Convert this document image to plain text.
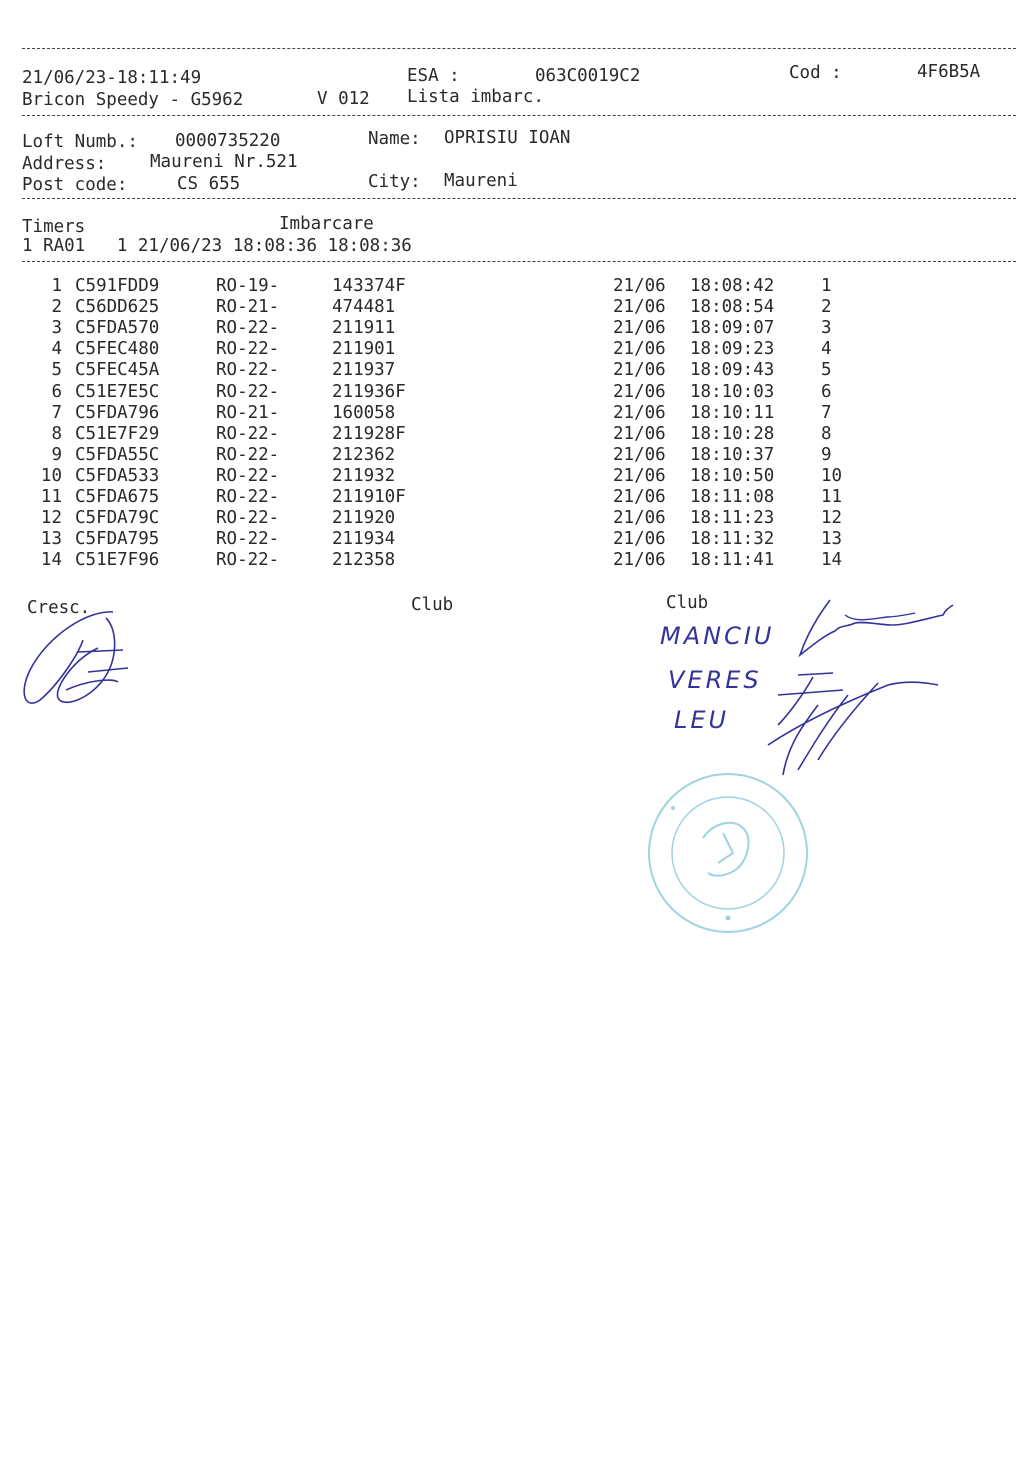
21/06/23-18:11:49	ESA :	063C0019C2	Cod :	4F6B5A
Bricon Speedy - G5962	V 012 Lista imbarc.
Loft Numb.: 0000735220	Name: OPRISIU IOAN
Address: Maureni Nr.521
Post code:	CS 655	City: Maureni
Timers	Imbarcare
1 RA01   1 21/06/23 18:08:36 18:08:36
1 C591FDD9	RO-19-	143374F	21/06 18:08:42	1
2 C56DD625	RO-21-	474481	21/06 18:08:54	2
3 C5FDA570	RO-22-	211911	21/06 18:09:07	3
4 C5FEC480	RO-22-	211901	21/06 18:09:23	4
5 C5FEC45A	RO-22-	211937	21/06 18:09:43	5
6 C51E7E5C	RO-22-	211936F	21/06 18:10:03	6
7 C5FDA796	RO-21-	160058	21/06 18:10:11	7
8 C51E7F29	RO-22-	211928F	21/06 18:10:28	8
9 C5FDA55C	RO-22-	212362	21/06 18:10:37	9
10 C5FDA533	RO-22-	211932	21/06 18:10:50	10
11 C5FDA675	RO-22-	211910F	21/06 18:11:08	11
12 C5FDA79C	RO-22-	211920	21/06 18:11:23	12
13 C5FDA795	RO-22-	211934	21/06 18:11:32	13
14 C51E7F96	RO-22-	212358	21/06 18:11:41	14
Cresc.	Club	Club
MANCIU
VERES
LEU
